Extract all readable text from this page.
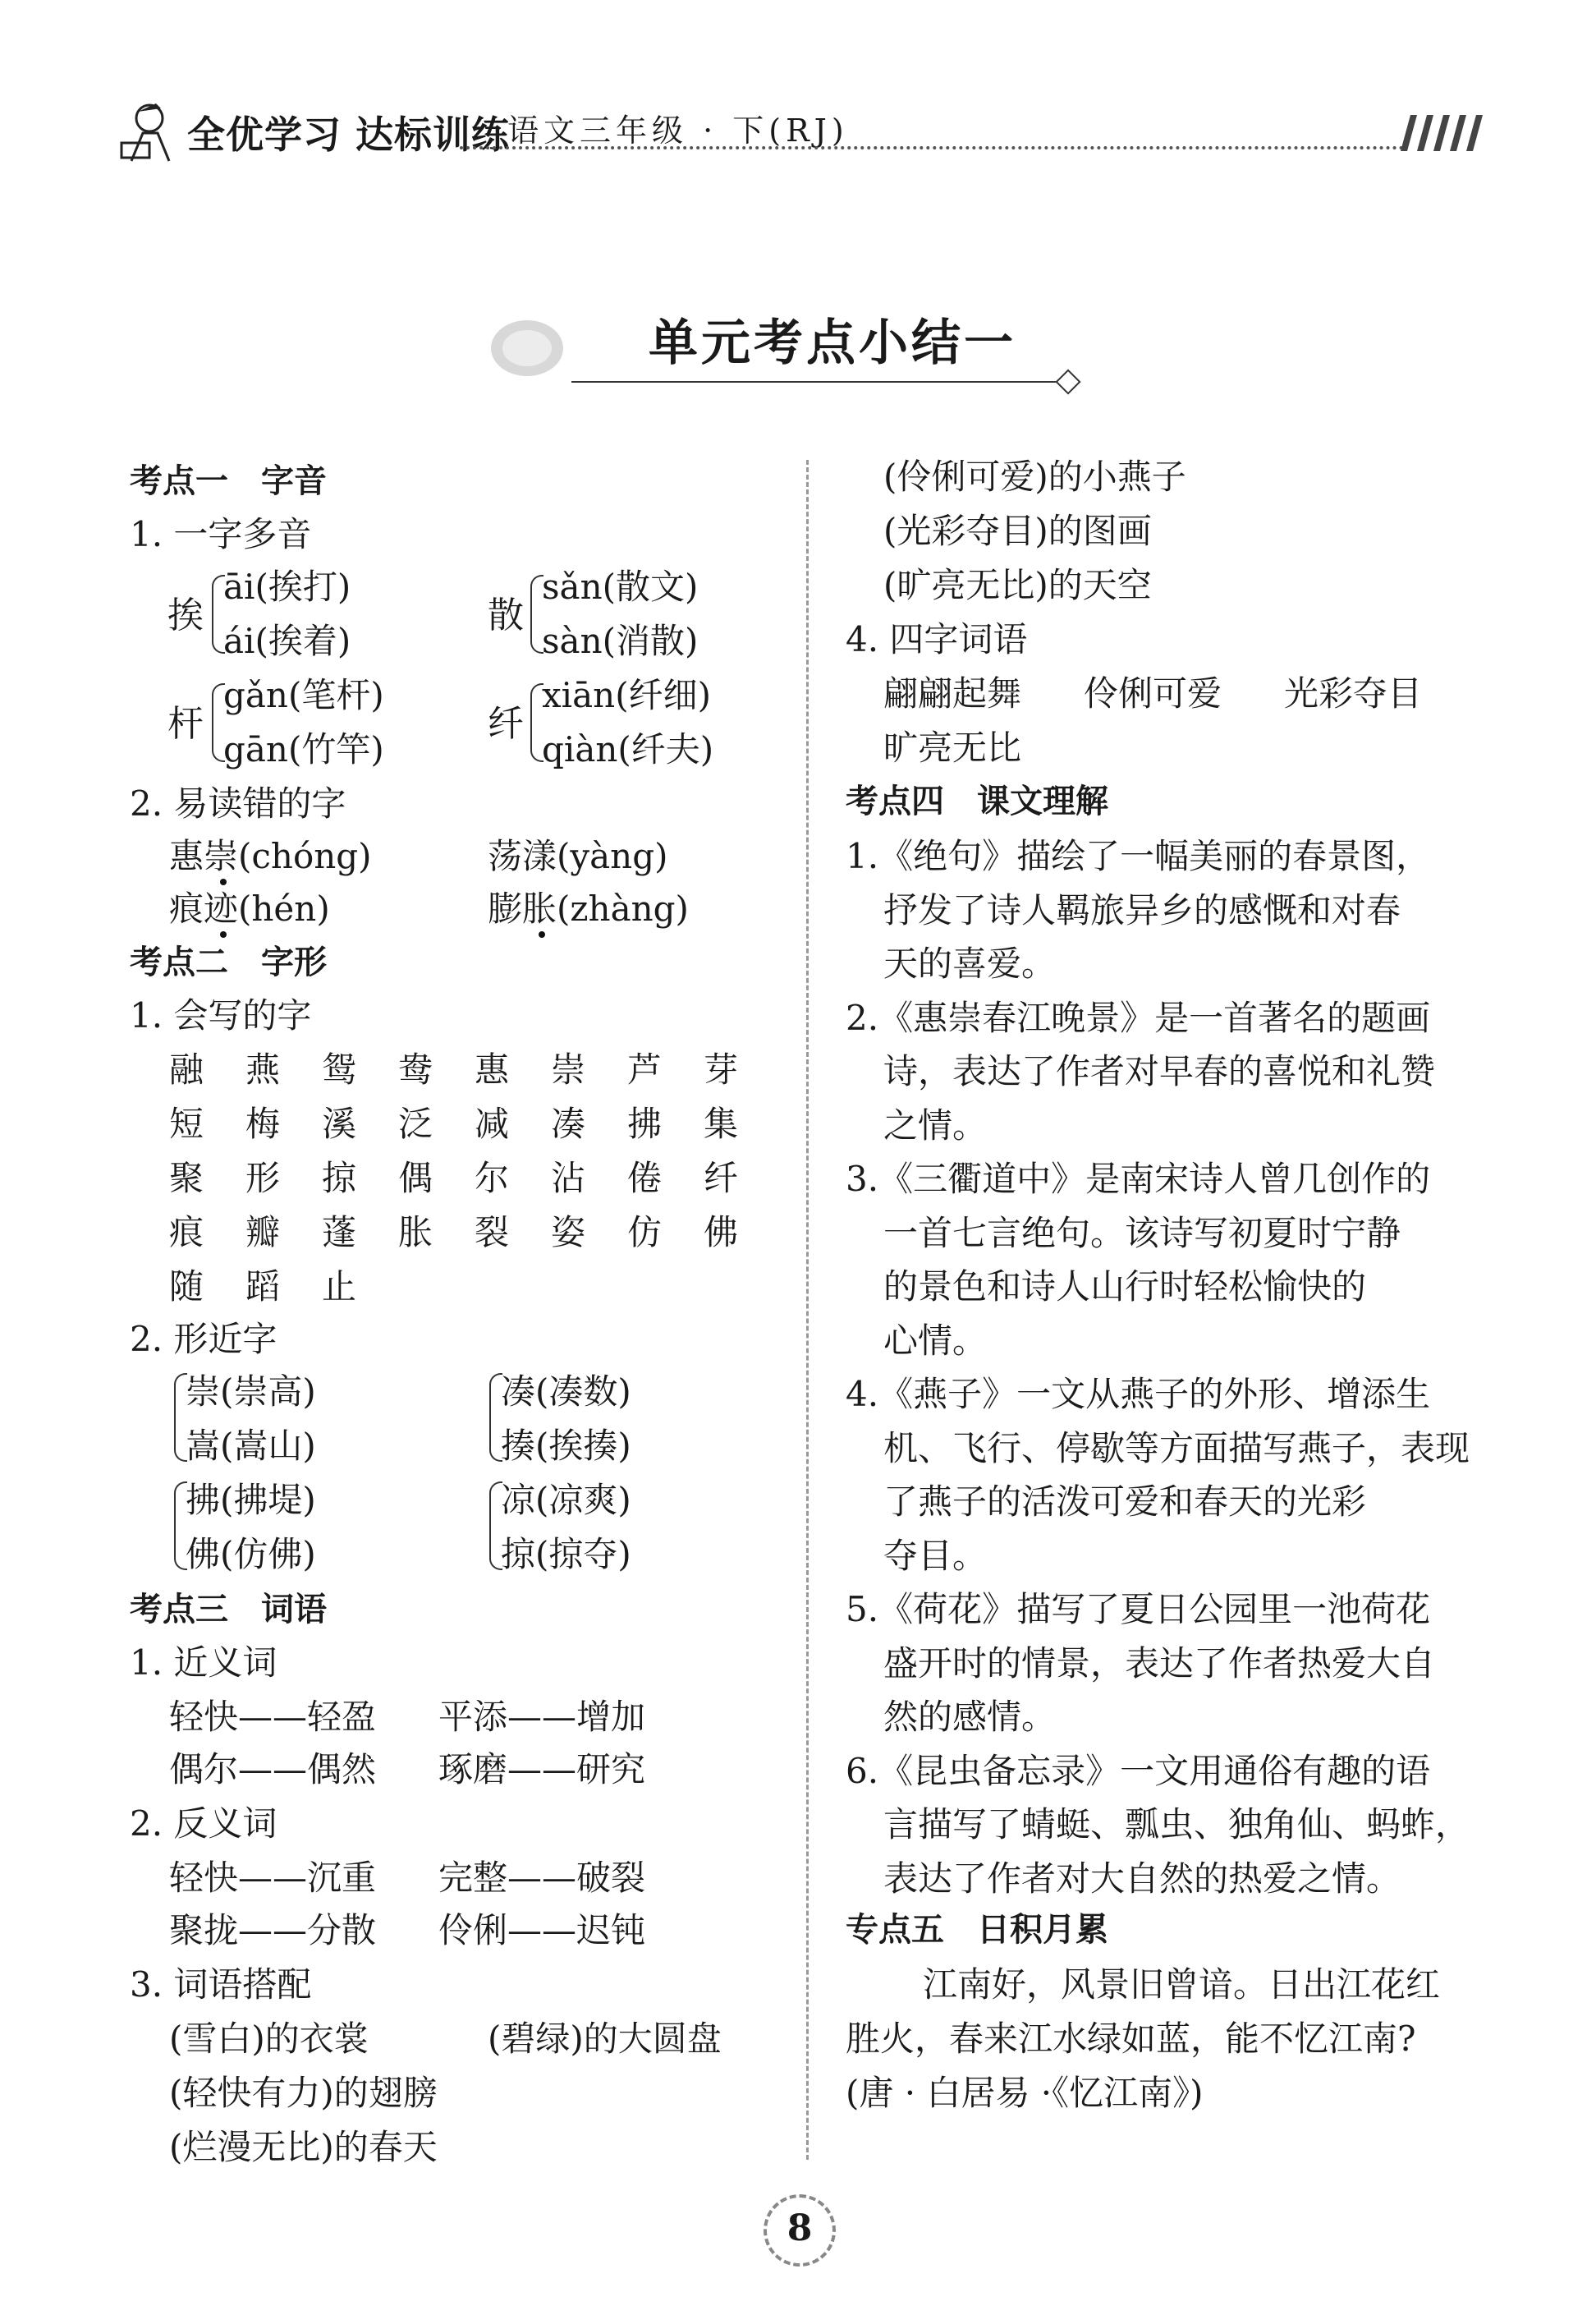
全优学习 达标训练
语文三年级 · 下(RJ)
单元考点小结一
考点一　字音
1. 一字多音
挨
āi(挨打)
ái(挨着)
散
sǎn(散文)
sàn(消散)
杆
gǎn(笔杆)
gān(竹竿)
纤
xiān(纤细)
qiàn(纤夫)
2. 易读错的字
惠崇(chóng)	荡漾(yàng)
痕迹(hén)	膨胀(zhàng)
考点二　字形
1. 会写的字
融 燕 鸳 鸯 惠 崇 芦 芽
短 梅 溪 泛 减 凑 拂 集
聚 形 掠 偶 尔 沾 倦 纤
痕 瓣 蓬 胀 裂 姿 仿 佛
随 蹈 止
2. 形近字
崇(崇高)
嵩(嵩山)
凑(凑数)
揍(挨揍)
拂(拂堤)
佛(仿佛)
凉(凉爽)
掠(掠夺)
考点三　词语
1. 近义词
轻快——轻盈 平添——增加
偶尔——偶然 琢磨——研究
2. 反义词
轻快——沉重 完整——破裂
聚拢——分散 伶俐——迟钝
3. 词语搭配
(雪白)的衣裳	(碧绿)的大圆盘
(轻快有力)的翅膀
(烂漫无比)的春天
(伶俐可爱)的小燕子
(光彩夺目)的图画
(旷亮无比)的天空
4. 四字词语
翩翩起舞 伶俐可爱 光彩夺目
旷亮无比
考点四　课文理解
1.《绝句》描绘了一幅美丽的春景图，
抒发了诗人羁旅异乡的感慨和对春
天的喜爱。
2.《惠崇春江晚景》是一首著名的题画
诗，表达了作者对早春的喜悦和礼赞
之情。
3.《三衢道中》是南宋诗人曾几创作的
一首七言绝句。该诗写初夏时宁静
的景色和诗人山行时轻松愉快的
心情。
4.《燕子》一文从燕子的外形、增添生
机、飞行、停歇等方面描写燕子，表现
了燕子的活泼可爱和春天的光彩
夺目。
5.《荷花》描写了夏日公园里一池荷花
盛开时的情景，表达了作者热爱大自
然的感情。
6.《昆虫备忘录》一文用通俗有趣的语
言描写了蜻蜓、瓢虫、独角仙、蚂蚱，
表达了作者对大自然的热爱之情。
专点五　日积月累
江南好，风景旧曾谙。日出江花红
胜火，春来江水绿如蓝，能不忆江南?
(唐 · 白居易 ·《忆江南》)
8
